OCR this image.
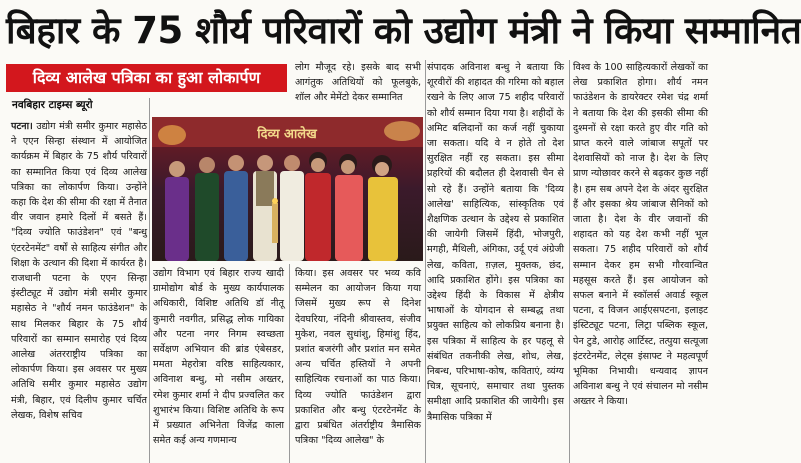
बिहार के 75 शौर्य परिवारों को उद्योग मंत्री ने किया सम्मानित
दिव्य आलेख पत्रिका का हुआ लोकार्पण
नवबिहार टाइम्स ब्यूरो
पटना। उद्योग मंत्री समीर कुमार महासेठ ने एएन सिन्हा संस्थान में आयोजित कार्यक्रम में बिहार के 75 शौर्य परिवारों का सम्मानित किया एवं दिव्य आलेख पत्रिका का लोकार्पण किया। उन्होंने कहा कि देश की सीमा की रक्षा में तैनात वीर जवान हमारे दिलों में बसते हैं। "दिव्य ज्योति फाउंडेशन" एवं "बन्धु एंटरटेनमेंट" वर्षों से साहित्य संगीत और शिक्षा के उत्थान की दिशा में कार्यरत है। राजधानी पटना के एएन सिन्हा इंस्टीट्यूट में उद्योग मंत्री समीर कुमार महासेठ ने "शौर्य नमन फाउंडेशन" के साथ मिलकर बिहार के 75 शौर्य परिवारों का सम्मान समारोह एवं दिव्य आलेख अंतरराष्ट्रीय पत्रिका का लोकार्पण किया। इस अवसर पर मुख्य अतिथि समीर कुमार महासेठ उद्योग मंत्री, बिहार, एवं दिलीप कुमार चर्चित लेखक, विशेष सचिव
लोग मौजूद रहे। इसके बाद सभी आगंतुक अतिथियों को फूलबुके, शॉल और मेमेंटो देकर सम्मानित
दिव्य आलेख
उद्योग विभाग एवं बिहार राज्य खादी ग्रामोद्योग बोर्ड के मुख्य कार्यपालक अधिकारी, विशिष्ट अतिथि डॉ नीतू कुमारी नवगीत, प्रसिद्ध लोक गायिका और पटना नगर निगम स्वच्छता सर्वेक्षण अभियान की ब्रांड एंबेसडर, ममता मेहरोत्रा वरिष्ठ साहित्यकार, अविनाश बन्धु, मो नसीम अख्तर, रमेश कुमार शर्मा ने दीप प्रज्वलित कर शुभारंभ किया। विशिष्ट अतिथि के रूप में प्रख्यात अभिनेता विजेंद्र काला समेत कई अन्य गणमान्य
किया। इस अवसर पर भव्य कवि सम्मेलन का आयोजन किया गया जिसमें मुख्य रूप से दिनेश देवघरिया, नंदिनी श्रीवास्तव, संजीव मुकेश, नवल सुधांशु, हिमांशु हिंद, प्रशांत बजरंगी और प्रशांत मन समेत अन्य चर्चित हस्तियों ने अपनी साहित्यिक रचनाओं का पाठ किया। दिव्य ज्योति फाउंडेशन द्वारा प्रकाशित और बन्धु एंटरटेनमेंट के द्वारा प्रबंधित अंतर्राष्ट्रीय त्रैमासिक पत्रिका "दिव्य आलेख" के
संपादक अविनाश बन्धु ने बताया कि शूरवीरों की शहादत की गरिमा को बहाल रखने के लिए आज 75 शहीद परिवारों को शौर्य सम्मान दिया गया है। शहीदों के अमिट बलिदानों का कर्ज नहीं चुकाया जा सकता। यदि वे न होते तो देश सुरक्षित नहीं रह सकता। इस सीमा प्रहरियों की बदौलत ही देशवासी चैन से सो रहे हैं। उन्होंने बताया कि 'दिव्य आलेख' साहित्यिक, सांस्कृतिक एवं शैक्षणिक उत्थान के उद्देश्य से प्रकाशित की जायेगी जिसमें हिंदी, भोजपुरी, मगही, मैथिली, अंगिका, उर्दू एवं अंग्रेजी लेख, कविता, ग़ज़ल, मुक्तक, छंद, आदि प्रकाशित होंगे। इस पत्रिका का उद्देश्य हिंदी के विकास में क्षेत्रीय भाषाओं के योगदान से सम्बद्ध तथा प्रयुक्त साहित्य को लोकप्रिय बनाना है। इस पत्रिका में साहित्य के हर पहलू से संबंधित तकनीकी लेख, शोध, लेख, निबन्ध, परिभाषा-कोष, कविताएं, व्यंग्य चित्र, सूचनाएं, समाचार तथा पुस्तक समीक्षा आदि प्रकाशित की जायेगी। इस त्रैमासिक पत्रिका में
विश्व के 100 साहित्यकारों लेखकों का लेख प्रकाशित होगा। शौर्य नमन फाउंडेशन के डायरेक्टर रमेश चंद्र शर्मा ने बताया कि देश की इसकी सीमा की दुश्मनों से रक्षा करते हुए वीर गति को प्राप्त करने वाले जांबाज सपूतों पर देशवासियों को नाज है। देश के लिए प्राण न्योछावर करने से बढ़कर कुछ नहीं है। हम सब अपने देश के अंदर सुरक्षित हैं और इसका श्रेय जांबाज सैनिकों को जाता है। देश के वीर जवानों की शहादत को यह देश कभी नहीं भूल सकता। 75 शहीद परिवारों को शौर्य सम्मान देकर हम सभी गौरवान्वित महसूस करते हैं। इस आयोजन को सफल बनाने में स्कॉलर्स अवार्ड स्कूल पटना, द विजन आईएसपटना, इलाइट इंस्टिट्यूट पटना, लिट्रा पब्लिक स्कूल, पेन टुडे, आरोह आर्टिस्ट, तत्पुया सत्यूजा इंटरटेनमेंट, लेट्स इंसाफ्ट ने महत्वपूर्ण भूमिका निभायी। धन्यवाद ज्ञापन अविनाश बन्धु ने एवं संचालन मो नसीम अख्तर ने किया।
